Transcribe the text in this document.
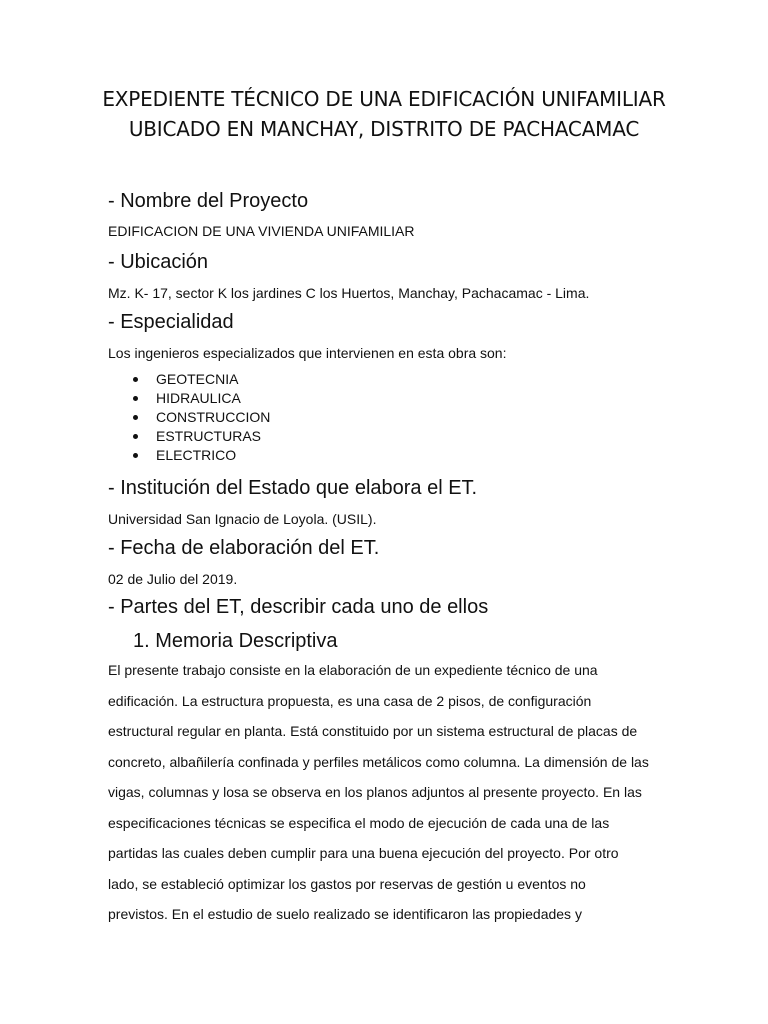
EXPEDIENTE TÉCNICO DE UNA EDIFICACIÓN UNIFAMILIAR
UBICADO EN MANCHAY, DISTRITO DE PACHACAMAC
- Nombre del Proyecto

EDIFICACION DE UNA VIVIENDA UNIFAMILIAR

- Ubicación

Mz. K- 17, sector K los jardines C los Huertos, Manchay, Pachacamac - Lima.

- Especialidad

Los ingenieros especializados que intervienen en esta obra son:

GEOTECNIA
HIDRAULICA
CONSTRUCCION
ESTRUCTURAS
ELECTRICO
- Institución del Estado que elabora el ET.

Universidad San Ignacio de Loyola. (USIL).

- Fecha de elaboración del ET.

02 de Julio del 2019.

- Partes del ET, describir cada uno de ellos
1. Memoria Descriptiva
El presente trabajo consiste en la elaboración de un expediente técnico de una
edificación. La estructura propuesta, es una casa de 2 pisos, de configuración
estructural regular en planta. Está constituido por un sistema estructural de placas de
concreto, albañilería confinada y perfiles metálicos como columna. La dimensión de las
vigas, columnas y losa se observa en los planos adjuntos al presente proyecto. En las
especificaciones técnicas se especifica el modo de ejecución de cada una de las
partidas las cuales deben cumplir para una buena ejecución del proyecto. Por otro
lado, se estableció optimizar los gastos por reservas de gestión u eventos no
previstos. En el estudio de suelo realizado se identificaron las propiedades y
